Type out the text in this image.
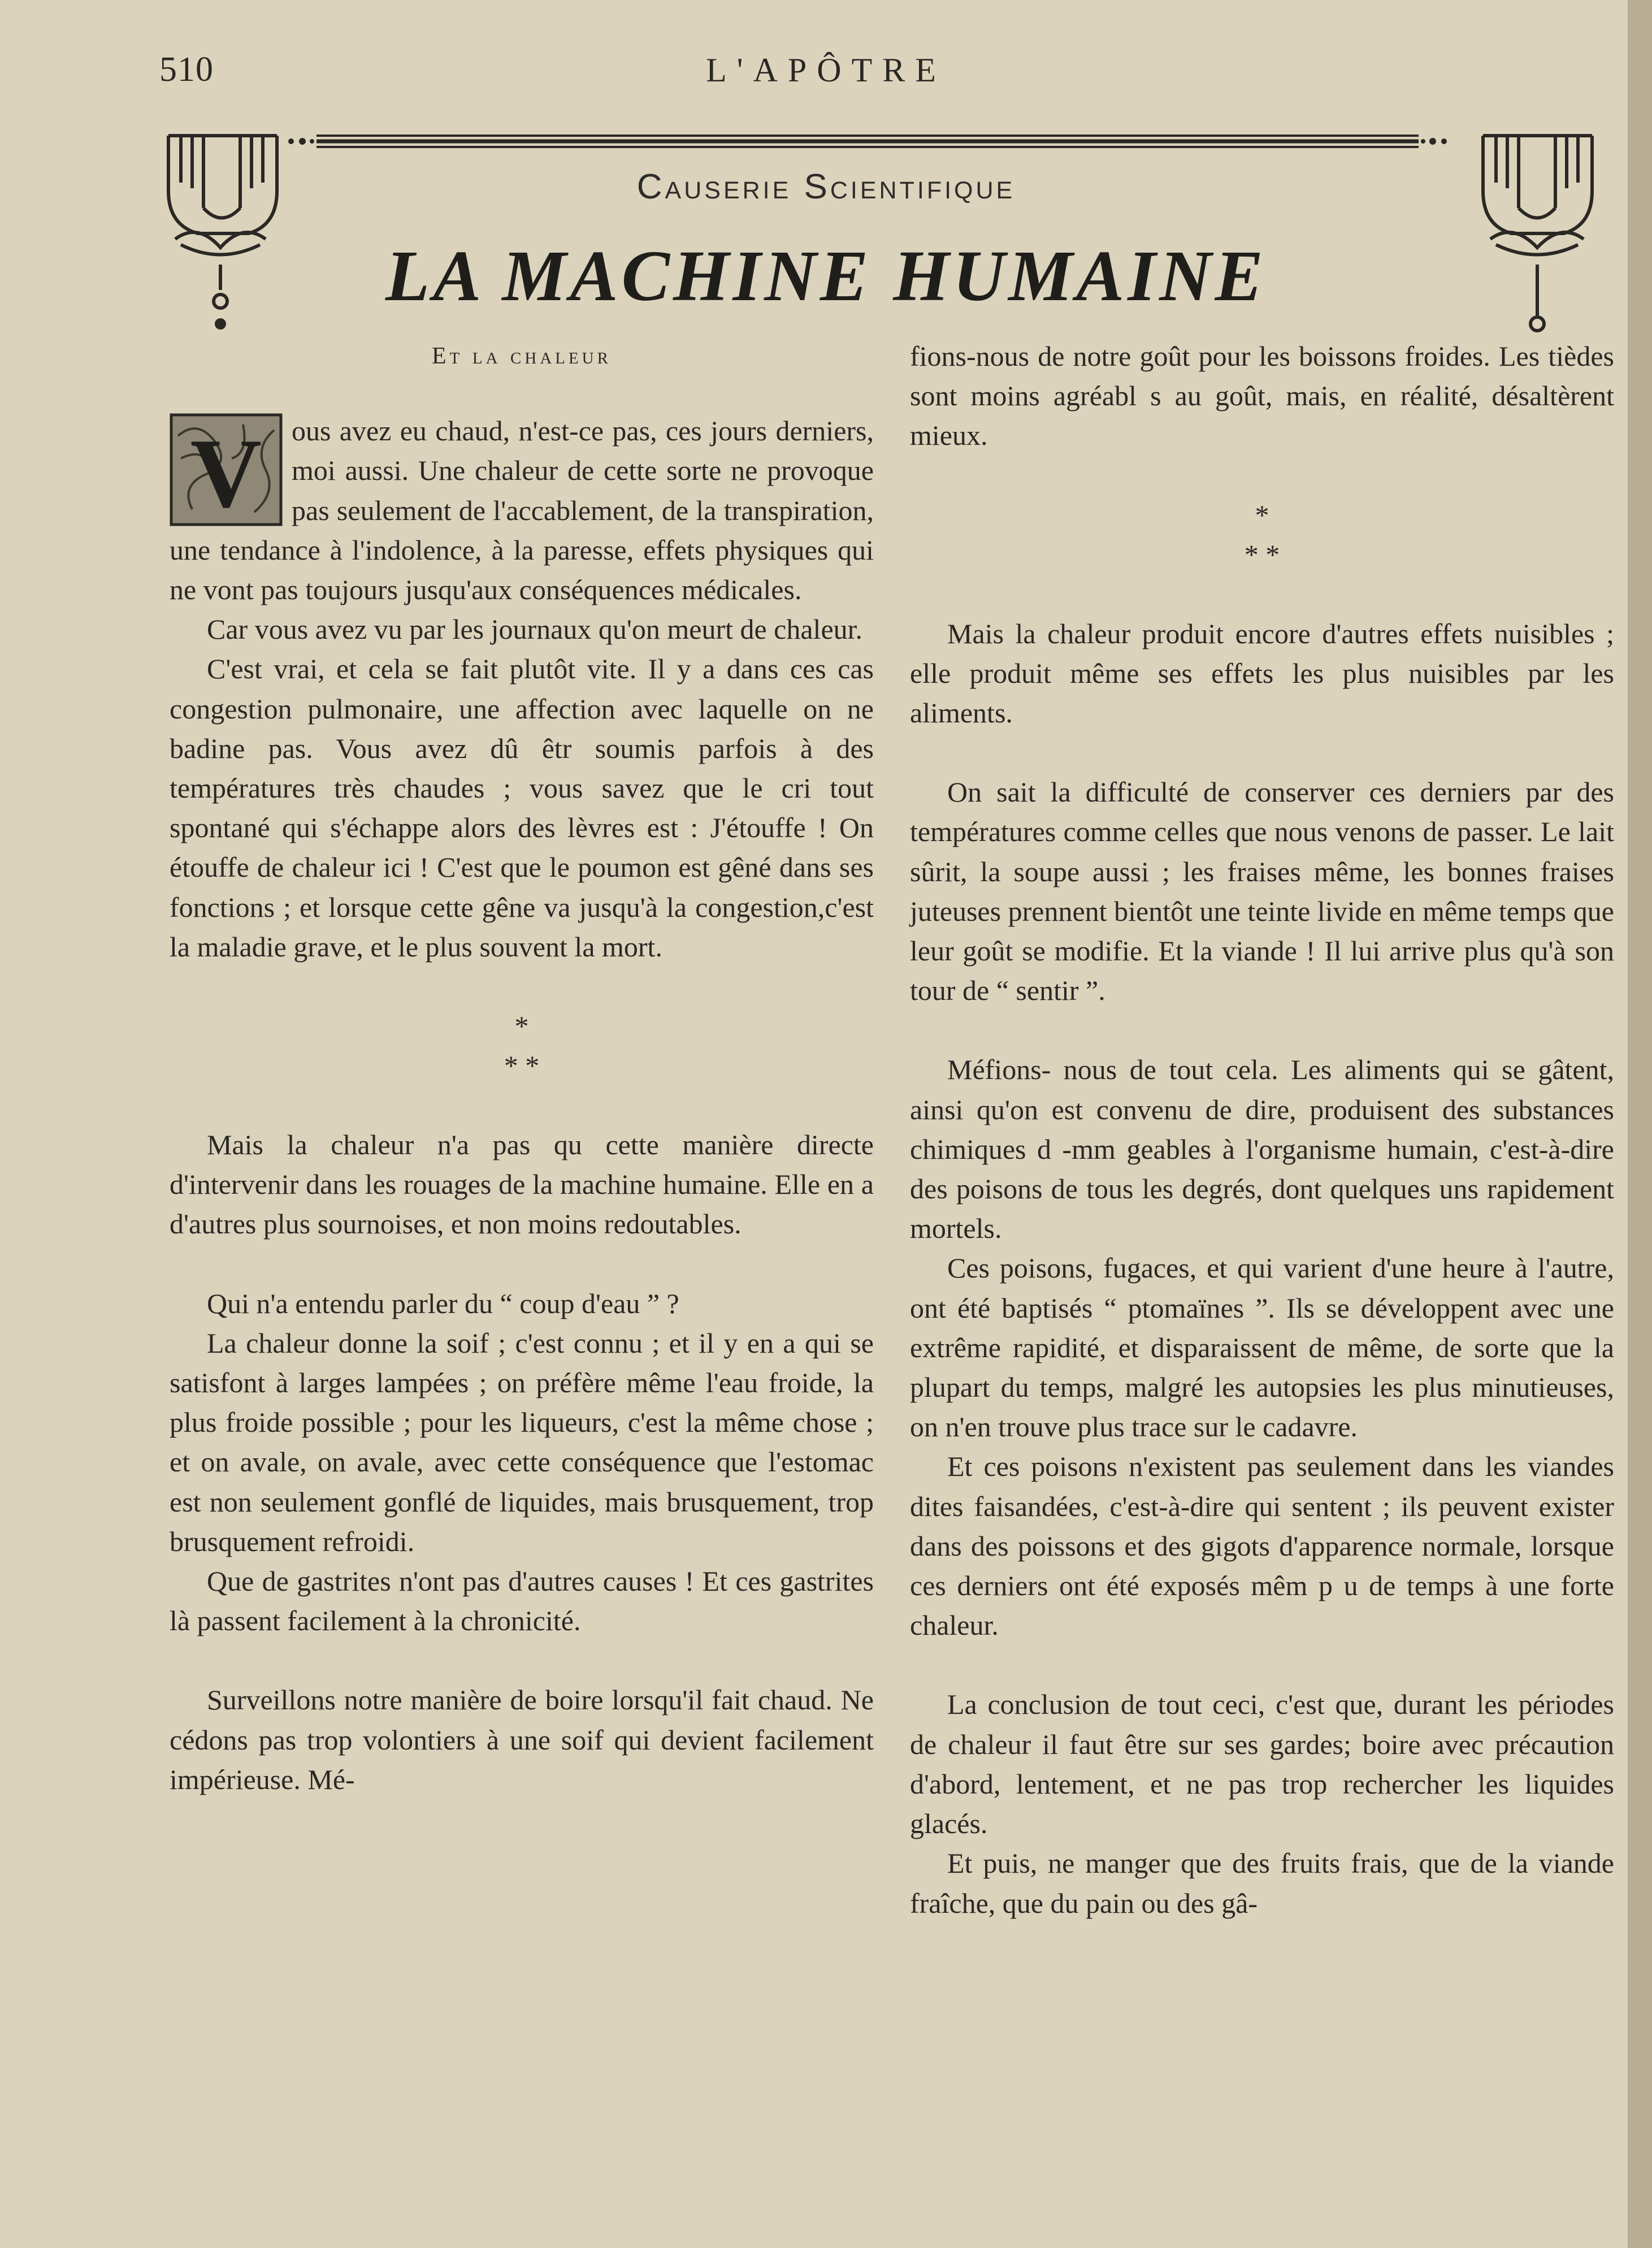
510	L'APÔTRE
Causerie Scientifique
LA MACHINE HUMAINE

Et la chaleur

V ous avez eu chaud, n'est-ce pas, ces jours derniers, moi aussi. Une chaleur de cette sorte ne provoque pas seulement de l'accablement, de la transpiration, une tendance à l'indolence, à la paresse, effets physiques qui ne vont pas toujours jusqu'aux conséquences médicales.

Car vous avez vu par les journaux qu'on meurt de chaleur.

C'est vrai, et cela se fait plutôt vite. Il y a dans ces cas congestion pulmonaire, une affection avec laquelle on ne badine pas. Vous avez dû êtr soumis parfois à des températures très chaudes ; vous savez que le cri tout spontané qui s'échappe alors des lèvres est : J'étouffe ! On étouffe de chaleur ici ! C'est que le poumon est gêné dans ses fonctions ; et lorsque cette gêne va jusqu'à la congestion,c'est la maladie grave, et le plus souvent la mort.

*

* *

Mais la chaleur n'a pas qu cette manière directe d'intervenir dans les rouages de la machine humaine. Elle en a d'autres plus sournoises, et non moins redoutables.

Qui n'a entendu parler du “ coup d'eau ” ?

La chaleur donne la soif ; c'est connu ; et il y en a qui se satisfont à larges lampées ; on préfère même l'eau froide, la plus froide possible ; pour les liqueurs, c'est la même chose ; et on avale, on avale, avec cette conséquence que l'estomac est non seulement gonflé de liquides, mais brusquement, trop brusquement refroidi.

Que de gastrites n'ont pas d'autres causes ! Et ces gastrites là passent facilement à la chronicité.

Surveillons notre manière de boire lorsqu'il fait chaud. Ne cédons pas trop volontiers à une soif qui devient facilement impérieuse. Mé-

fions-nous de notre goût pour les boissons froides. Les tièdes sont moins agréabl s au goût, mais, en réalité, désaltèrent mieux.

*

* *

Mais la chaleur produit encore d'autres effets nuisibles ; elle produit même ses effets les plus nuisibles par les aliments.

On sait la difficulté de conserver ces derniers par des températures comme celles que nous venons de passer. Le lait sûrit, la soupe aussi ; les fraises même, les bonnes fraises juteuses prennent bientôt une teinte livide en même temps que leur goût se modifie. Et la viande ! Il lui arrive plus qu'à son tour de “ sentir ”.

Méfions- nous de tout cela. Les aliments qui se gâtent, ainsi qu'on est convenu de dire, produisent des substances chimiques d -mm geables à l'organisme humain, c'est-à-dire des poisons de tous les degrés, dont quelques uns rapidement mortels.

Ces poisons, fugaces, et qui varient d'une heure à l'autre, ont été baptisés “ ptomaïnes ”. Ils se développent avec une extrême rapidité, et disparaissent de même, de sorte que la plupart du temps, malgré les autopsies les plus minutieuses, on n'en trouve plus trace sur le cadavre.

Et ces poisons n'existent pas seulement dans les viandes dites faisandées, c'est-à-dire qui sentent ; ils peuvent exister dans des poissons et des gigots d'apparence normale, lorsque ces derniers ont été exposés mêm p u de temps à une forte chaleur.

La conclusion de tout ceci, c'est que, durant les périodes de chaleur il faut être sur ses gardes; boire avec précaution d'abord, lentement, et ne pas trop rechercher les liquides glacés.

Et puis, ne manger que des fruits frais, que de la viande fraîche, que du pain ou des gâ-
